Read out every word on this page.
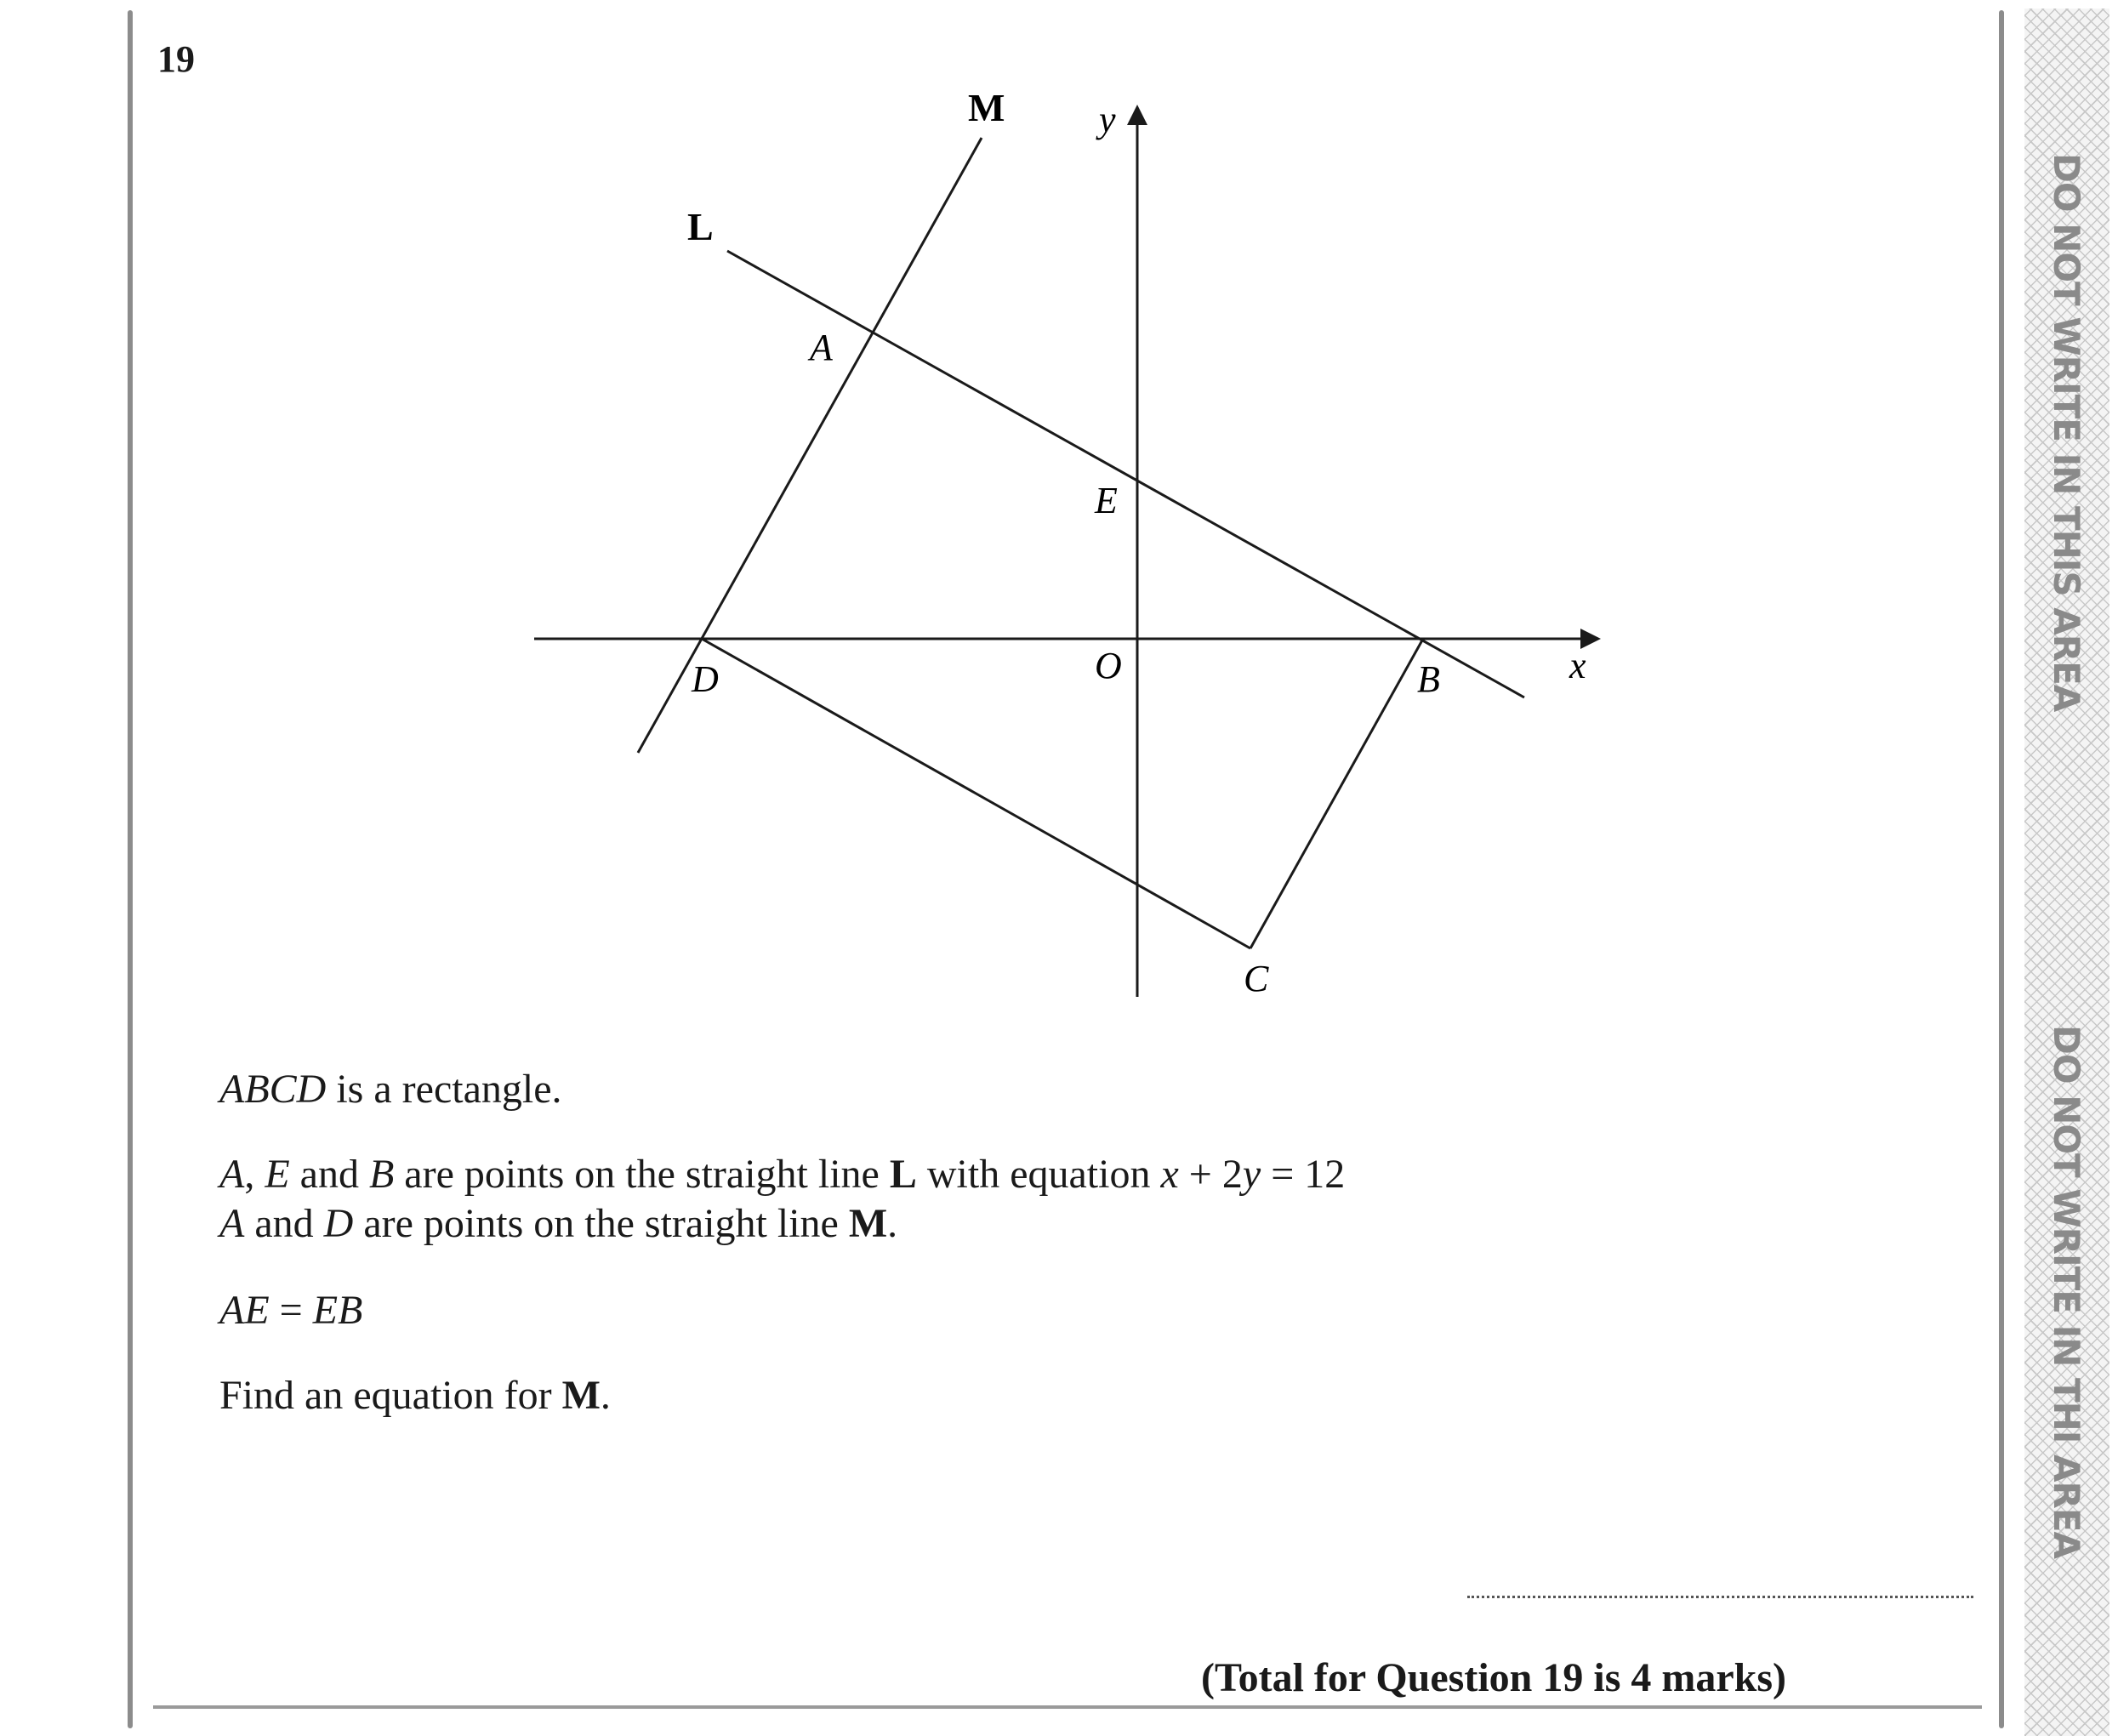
19
M
L
y
x
O
A
E
D	B
C
ABCD is a rectangle.
A, E and B are points on the straight line L with equation x + 2y = 12
A and D are points on the straight line M.
AE = EB
Find an equation for M.
(Total for Question 19 is 4 marks)
DO NOT WRITE IN THIS AREA
DO NOT WRITE IN THI AREA
